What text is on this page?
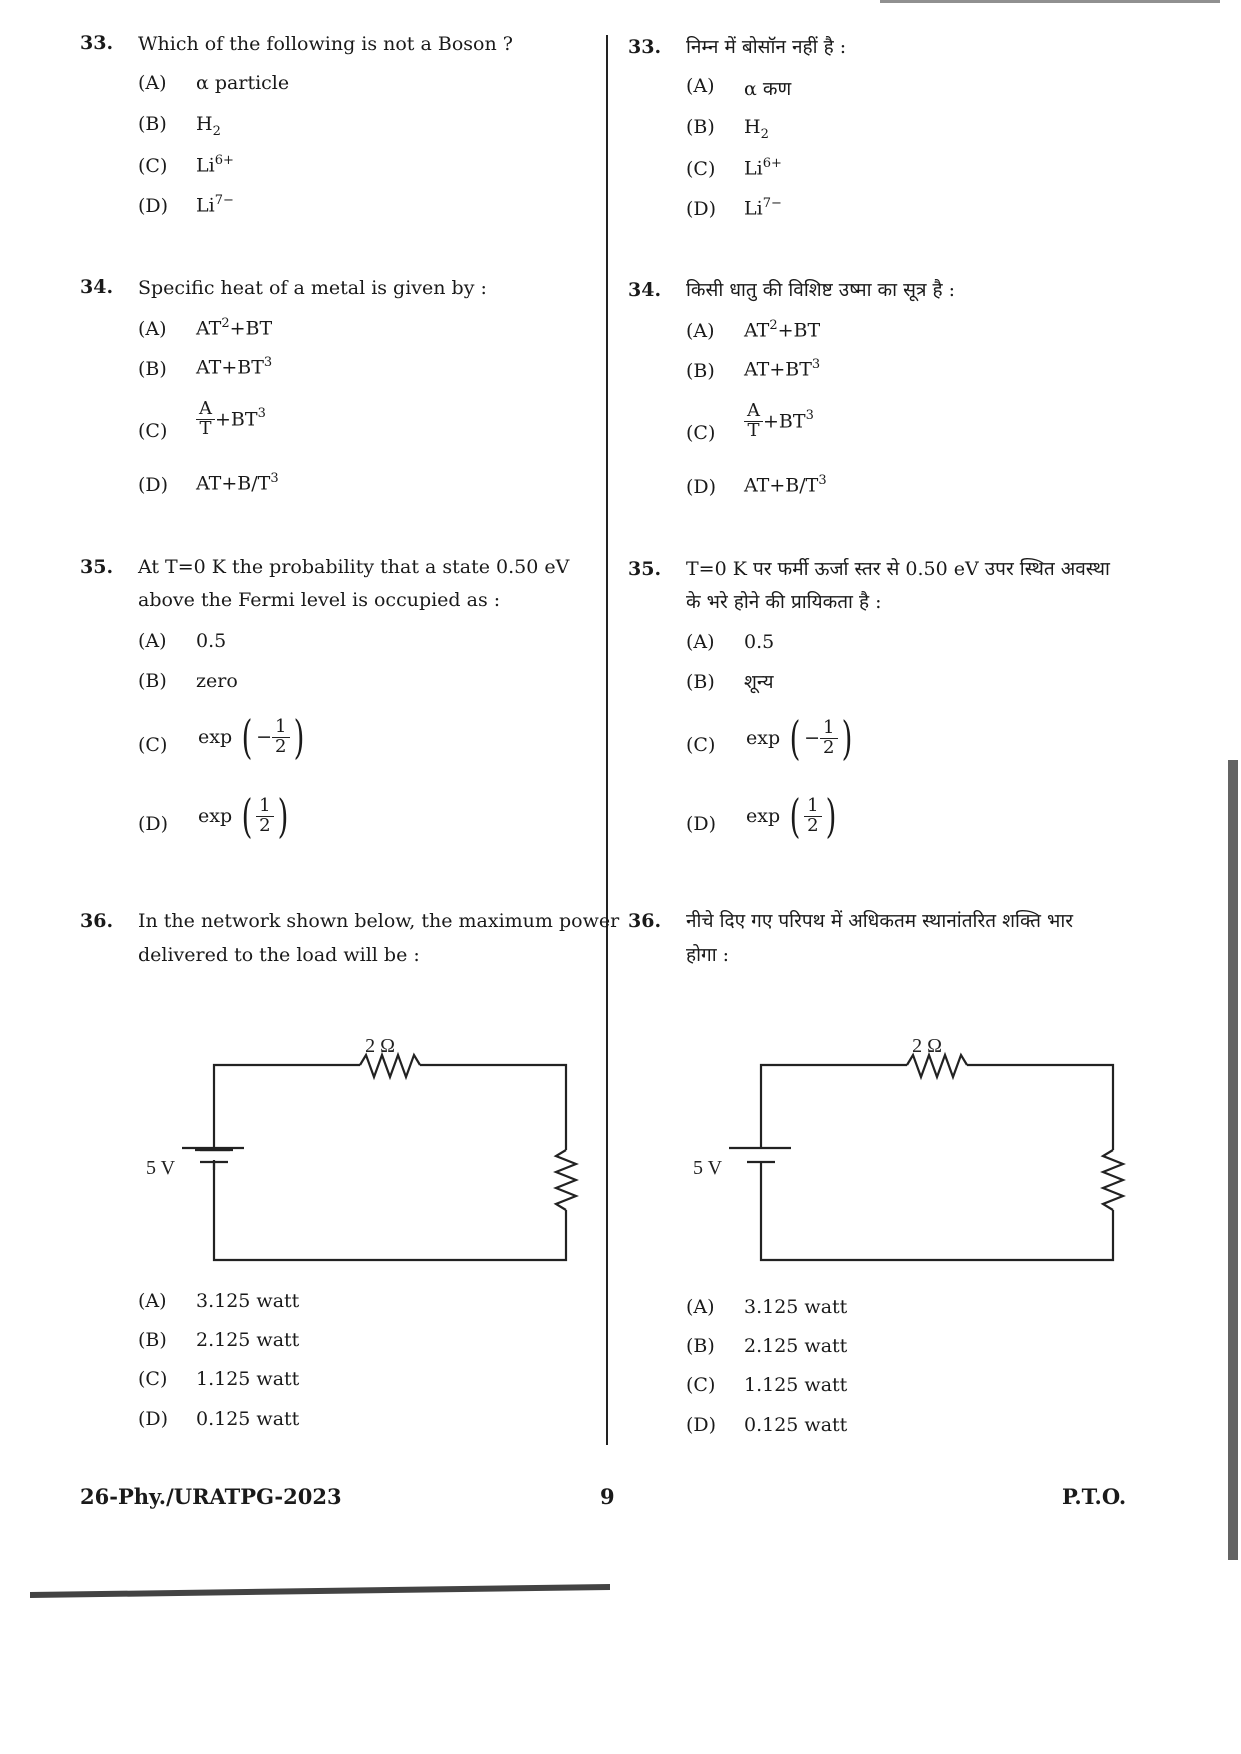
33. Which of the following is not a Boson ?
(A) α particle
(B) $H_2$
(C) $Li^{6+}$
(D) $Li^{7-}$
34. Specific heat of a metal is given by :
(A) $AT^2+BT$
(B) $AT+BT^3$
$(C) \frac{A}{T} +BT^3$
(D) $AT+B/T^3$
35. At T=0 K the probability that a state 0.50 eV
above the Fermi level is occupied as :
(A) 0.5
(B) zero
(C) exp ( − $\frac{1}{2}$ )
(D) exp ( $\frac{1}{2}$ )
36. In the network shown below, the maximum power
delivered to the load will be :
2 Ω
5 V
(A) 3.125 watt
(B) 2.125 watt
(C) 1.125 watt
(D) 0.125 watt
33. निम्न में बोसॉन नहीं है :
(A) α कण
(B) $H_2$
(C) $Li^{6+}$
(D) $Li^{7-}$
34. किसी धातु की विशिष्ट उष्मा का सूत्र है :
(A) $AT^2+BT$
(B) $AT+BT^3$
$(C) \frac{A}{T} +BT^3$
(D) $AT+B/T^3$
35. T=0 K पर फर्मी ऊर्जा स्तर से 0.50 eV उपर स्थित अवस्था
के भरे होने की प्रायिकता है :
(A) 0.5
(B) शून्य
(C) exp ( − $\frac{1}{2}$ )
(D) exp ( $\frac{1}{2}$ )
36. नीचे दिए गए परिपथ में अधिकतम स्थानांतरित शक्ति भार
होगा :
2 Ω
5 V
(A) 3.125 watt
(B) 2.125 watt
(C) 1.125 watt
(D) 0.125 watt
26-Phy./URATPG-2023	9	P.T.O.
